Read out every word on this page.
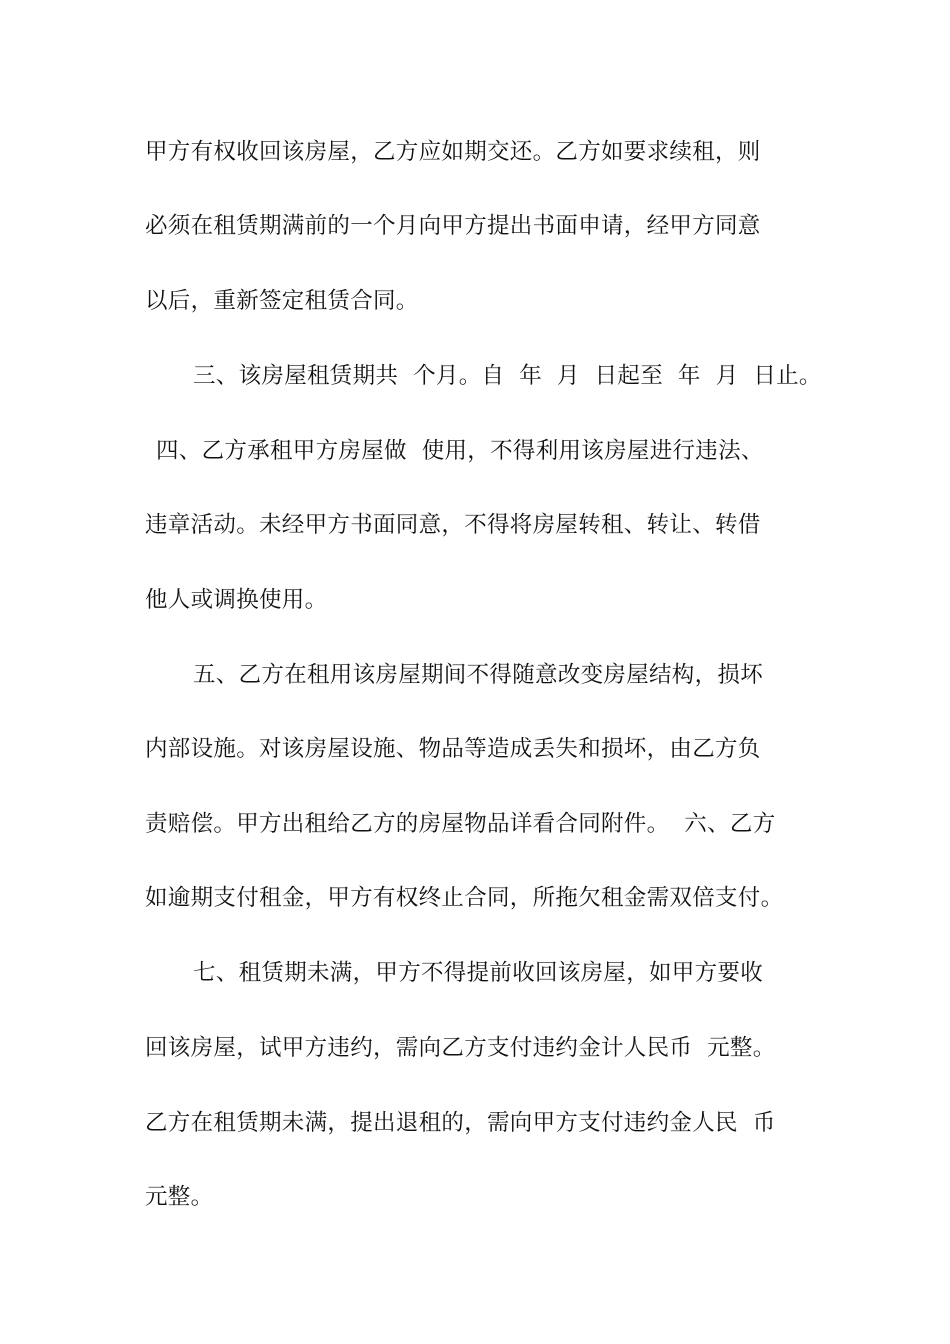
甲方有权收回该房屋，乙方应如期交还。乙方如要求续租，则
必须在租赁期满前的一个月向甲方提出书面申请，经甲方同意
以后，重新签定租赁合同。
三、该房屋租赁期共  个月。自  年  月  日起至  年  月  日止。
四、乙方承租甲方房屋做  使用，不得利用该房屋进行违法、
违章活动。未经甲方书面同意，不得将房屋转租、转让、转借
他人或调换使用。
五、乙方在租用该房屋期间不得随意改变房屋结构，损坏
内部设施。对该房屋设施、物品等造成丢失和损坏，由乙方负
责赔偿。甲方出租给乙方的房屋物品详看合同附件。  六、乙方
如逾期支付租金，甲方有权终止合同，所拖欠租金需双倍支付。
七、租赁期未满，甲方不得提前收回该房屋，如甲方要收
回该房屋，试甲方违约，需向乙方支付违约金计人民币  元整。
乙方在租赁期未满，提出退租的，需向甲方支付违约金人民  币
元整。
